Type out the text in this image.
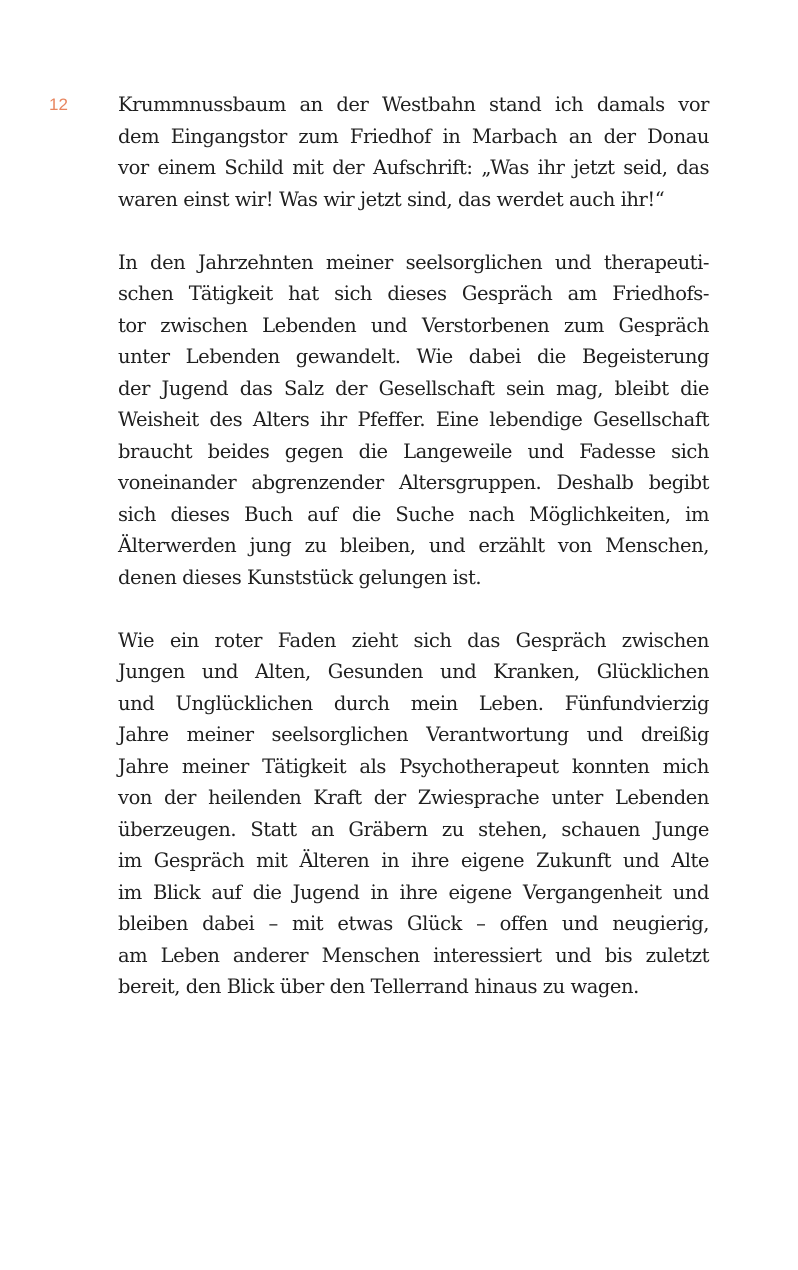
12	Krummnussbaum an der Westbahn stand ich damals vor
dem Eingangstor zum Friedhof in Marbach an der Donau
vor einem Schild mit der Aufschrift: „Was ihr jetzt seid, das
waren einst wir! Was wir jetzt sind, das werdet auch ihr!“

In den Jahrzehnten meiner seelsorglichen und therapeuti-
schen Tätigkeit hat sich dieses Gespräch am Friedhofs-
tor zwischen Lebenden und Verstorbenen zum Gespräch
unter Lebenden gewandelt. Wie dabei die Begeisterung
der Jugend das Salz der Gesellschaft sein mag, bleibt die
Weisheit des Alters ihr Pfeffer. Eine lebendige Gesellschaft
braucht beides gegen die Langeweile und Fadesse sich
voneinander abgrenzender Altersgruppen. Deshalb begibt
sich dieses Buch auf die Suche nach Möglichkeiten, im
Älterwerden jung zu bleiben, und erzählt von Menschen,
denen dieses Kunststück gelungen ist.

Wie ein roter Faden zieht sich das Gespräch zwischen
Jungen und Alten, Gesunden und Kranken, Glücklichen
und Unglücklichen durch mein Leben. Fünfundvierzig
Jahre meiner seelsorglichen Verantwortung und dreißig
Jahre meiner Tätigkeit als Psychotherapeut konnten mich
von der heilenden Kraft der Zwiesprache unter Lebenden
überzeugen. Statt an Gräbern zu stehen, schauen Junge
im Gespräch mit Älteren in ihre eigene Zukunft und Alte
im Blick auf die Jugend in ihre eigene Vergangenheit und
bleiben dabei – mit etwas Glück – offen und neugierig,
am Leben anderer Menschen interessiert und bis zuletzt
bereit, den Blick über den Tellerrand hinaus zu wagen.
